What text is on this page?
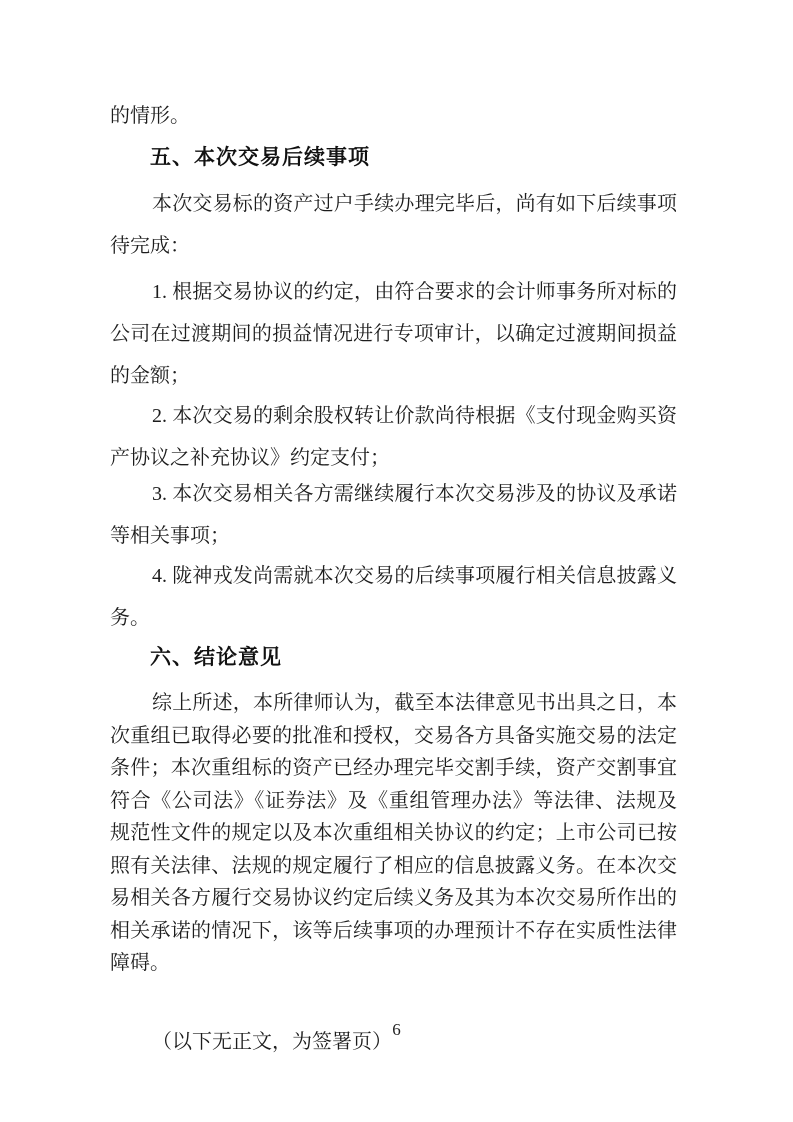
的情形。

五、本次交易后续事项

本次交易标的资产过户手续办理完毕后，尚有如下后续事项待完成：

1. 根据交易协议的约定，由符合要求的会计师事务所对标的公司在过渡期间的损益情况进行专项审计，以确定过渡期间损益的金额；

2. 本次交易的剩余股权转让价款尚待根据《支付现金购买资产协议之补充协议》约定支付；

3. 本次交易相关各方需继续履行本次交易涉及的协议及承诺等相关事项；

4. 陇神戎发尚需就本次交易的后续事项履行相关信息披露义务。

六、结论意见

综上所述，本所律师认为，截至本法律意见书出具之日，本次重组已取得必要的批准和授权，交易各方具备实施交易的法定条件；本次重组标的资产已经办理完毕交割手续，资产交割事宜符合《公司法》《证券法》及《重组管理办法》等法律、法规及规范性文件的规定以及本次重组相关协议的约定；上市公司已按照有关法律、法规的规定履行了相应的信息披露义务。在本次交易相关各方履行交易协议约定后续义务及其为本次交易所作出的相关承诺的情况下，该等后续事项的办理预计不存在实质性法律障碍。

（以下无正文，为签署页）

6
